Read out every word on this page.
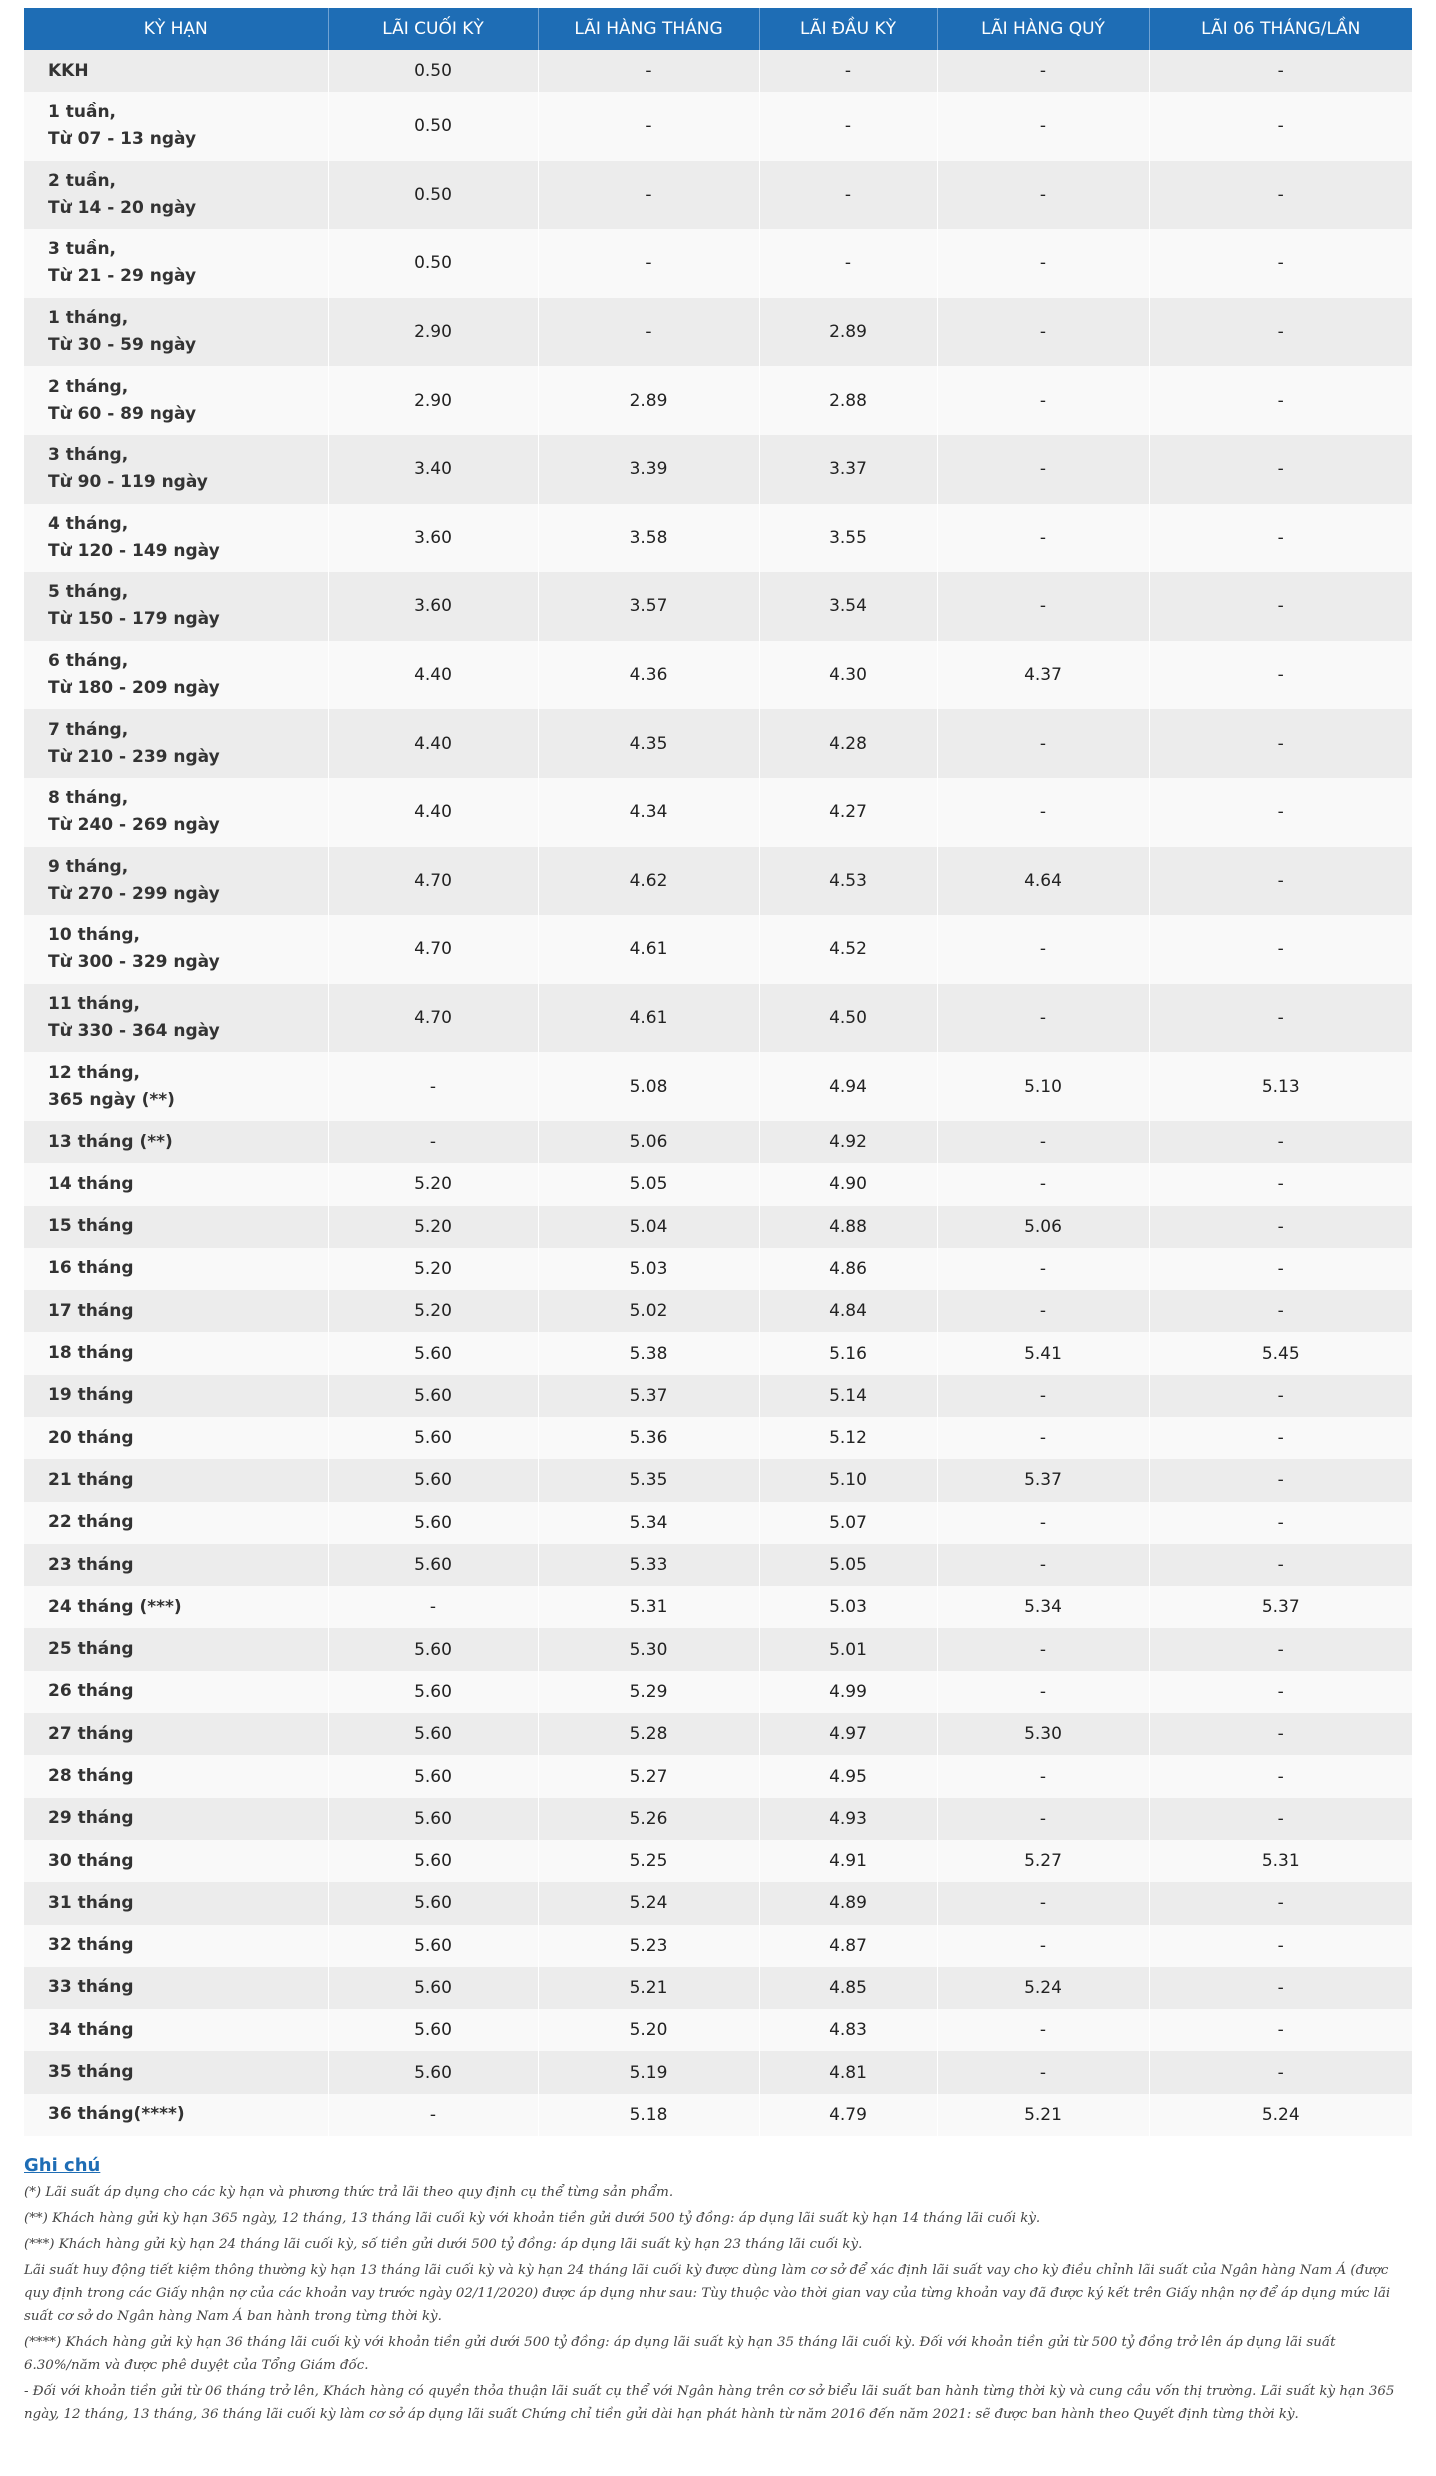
KỲ HẠN	LÃI CUỐI KỲ	LÃI HÀNG THÁNG	LÃI ĐẦU KỲ	LÃI HÀNG QUÝ	LÃI 06 THÁNG/LẦN

KKH	0.50	-	-	-	-

1 tuần,
Từ 07 - 13 ngày	0.50	-	-	-	-

2 tuần,
Từ 14 - 20 ngày	0.50	-	-	-	-

3 tuần,
Từ 21 - 29 ngày	0.50	-	-	-	-

1 tháng,
Từ 30 - 59 ngày	2.90	-	2.89	-	-

2 tháng,
Từ 60 - 89 ngày	2.90	2.89	2.88	-	-

3 tháng,
Từ 90 - 119 ngày	3.40	3.39	3.37	-	-

4 tháng,
Từ 120 - 149 ngày	3.60	3.58	3.55	-	-

5 tháng,
Từ 150 - 179 ngày	3.60	3.57	3.54	-	-

6 tháng,
Từ 180 - 209 ngày	4.40	4.36	4.30	4.37	-

7 tháng,
Từ 210 - 239 ngày	4.40	4.35	4.28	-	-

8 tháng,
Từ 240 - 269 ngày	4.40	4.34	4.27	-	-

9 tháng,
Từ 270 - 299 ngày	4.70	4.62	4.53	4.64	-

10 tháng,
Từ 300 - 329 ngày	4.70	4.61	4.52	-	-

11 tháng,
Từ 330 - 364 ngày	4.70	4.61	4.50	-	-

12 tháng,
365 ngày (**)	-	5.08	4.94	5.10	5.13

13 tháng (**)	-	5.06	4.92	-	-

14 tháng	5.20	5.05	4.90	-	-

15 tháng	5.20	5.04	4.88	5.06	-

16 tháng	5.20	5.03	4.86	-	-

17 tháng	5.20	5.02	4.84	-	-

18 tháng	5.60	5.38	5.16	5.41	5.45

19 tháng	5.60	5.37	5.14	-	-

20 tháng	5.60	5.36	5.12	-	-

21 tháng	5.60	5.35	5.10	5.37	-

22 tháng	5.60	5.34	5.07	-	-

23 tháng	5.60	5.33	5.05	-	-

24 tháng (***)	-	5.31	5.03	5.34	5.37

25 tháng	5.60	5.30	5.01	-	-

26 tháng	5.60	5.29	4.99	-	-

27 tháng	5.60	5.28	4.97	5.30	-

28 tháng	5.60	5.27	4.95	-	-

29 tháng	5.60	5.26	4.93	-	-

30 tháng	5.60	5.25	4.91	5.27	5.31

31 tháng	5.60	5.24	4.89	-	-

32 tháng	5.60	5.23	4.87	-	-

33 tháng	5.60	5.21	4.85	5.24	-

34 tháng	5.60	5.20	4.83	-	-

35 tháng	5.60	5.19	4.81	-	-

36 tháng(****)	-	5.18	4.79	5.21	5.24
Ghi chú

(*) Lãi suất áp dụng cho các kỳ hạn và phương thức trả lãi theo quy định cụ thể từng sản phẩm.

(**) Khách hàng gửi kỳ hạn 365 ngày, 12 tháng, 13 tháng lãi cuối kỳ với khoản tiền gửi dưới 500 tỷ đồng: áp dụng lãi suất kỳ hạn 14 tháng lãi cuối kỳ.

(***) Khách hàng gửi kỳ hạn 24 tháng lãi cuối kỳ, số tiền gửi dưới 500 tỷ đồng: áp dụng lãi suất kỳ hạn 23 tháng lãi cuối kỳ.

Lãi suất huy động tiết kiệm thông thường kỳ hạn 13 tháng lãi cuối kỳ và kỳ hạn 24 tháng lãi cuối kỳ được dùng làm cơ sở để xác định lãi suất vay cho kỳ điều chỉnh lãi suất của Ngân hàng Nam Á (được quy định trong các Giấy nhận nợ của các khoản vay trước ngày 02/11/2020) được áp dụng như sau: Tùy thuộc vào thời gian vay của từng khoản vay đã được ký kết trên Giấy nhận nợ để áp dụng mức lãi suất cơ sở do Ngân hàng Nam Á ban hành trong từng thời kỳ.

(****) Khách hàng gửi kỳ hạn 36 tháng lãi cuối kỳ với khoản tiền gửi dưới 500 tỷ đồng: áp dụng lãi suất kỳ hạn 35 tháng lãi cuối kỳ. Đối với khoản tiền gửi từ 500 tỷ đồng trở lên áp dụng lãi suất 6.30%/năm và được phê duyệt của Tổng Giám đốc.

- Đối với khoản tiền gửi từ 06 tháng trở lên, Khách hàng có quyền thỏa thuận lãi suất cụ thể với Ngân hàng trên cơ sở biểu lãi suất ban hành từng thời kỳ và cung cầu vốn thị trường. Lãi suất kỳ hạn 365 ngày, 12 tháng, 13 tháng, 36 tháng lãi cuối kỳ làm cơ sở áp dụng lãi suất Chứng chỉ tiền gửi dài hạn phát hành từ năm 2016 đến năm 2021: sẽ được ban hành theo Quyết định từng thời kỳ.
